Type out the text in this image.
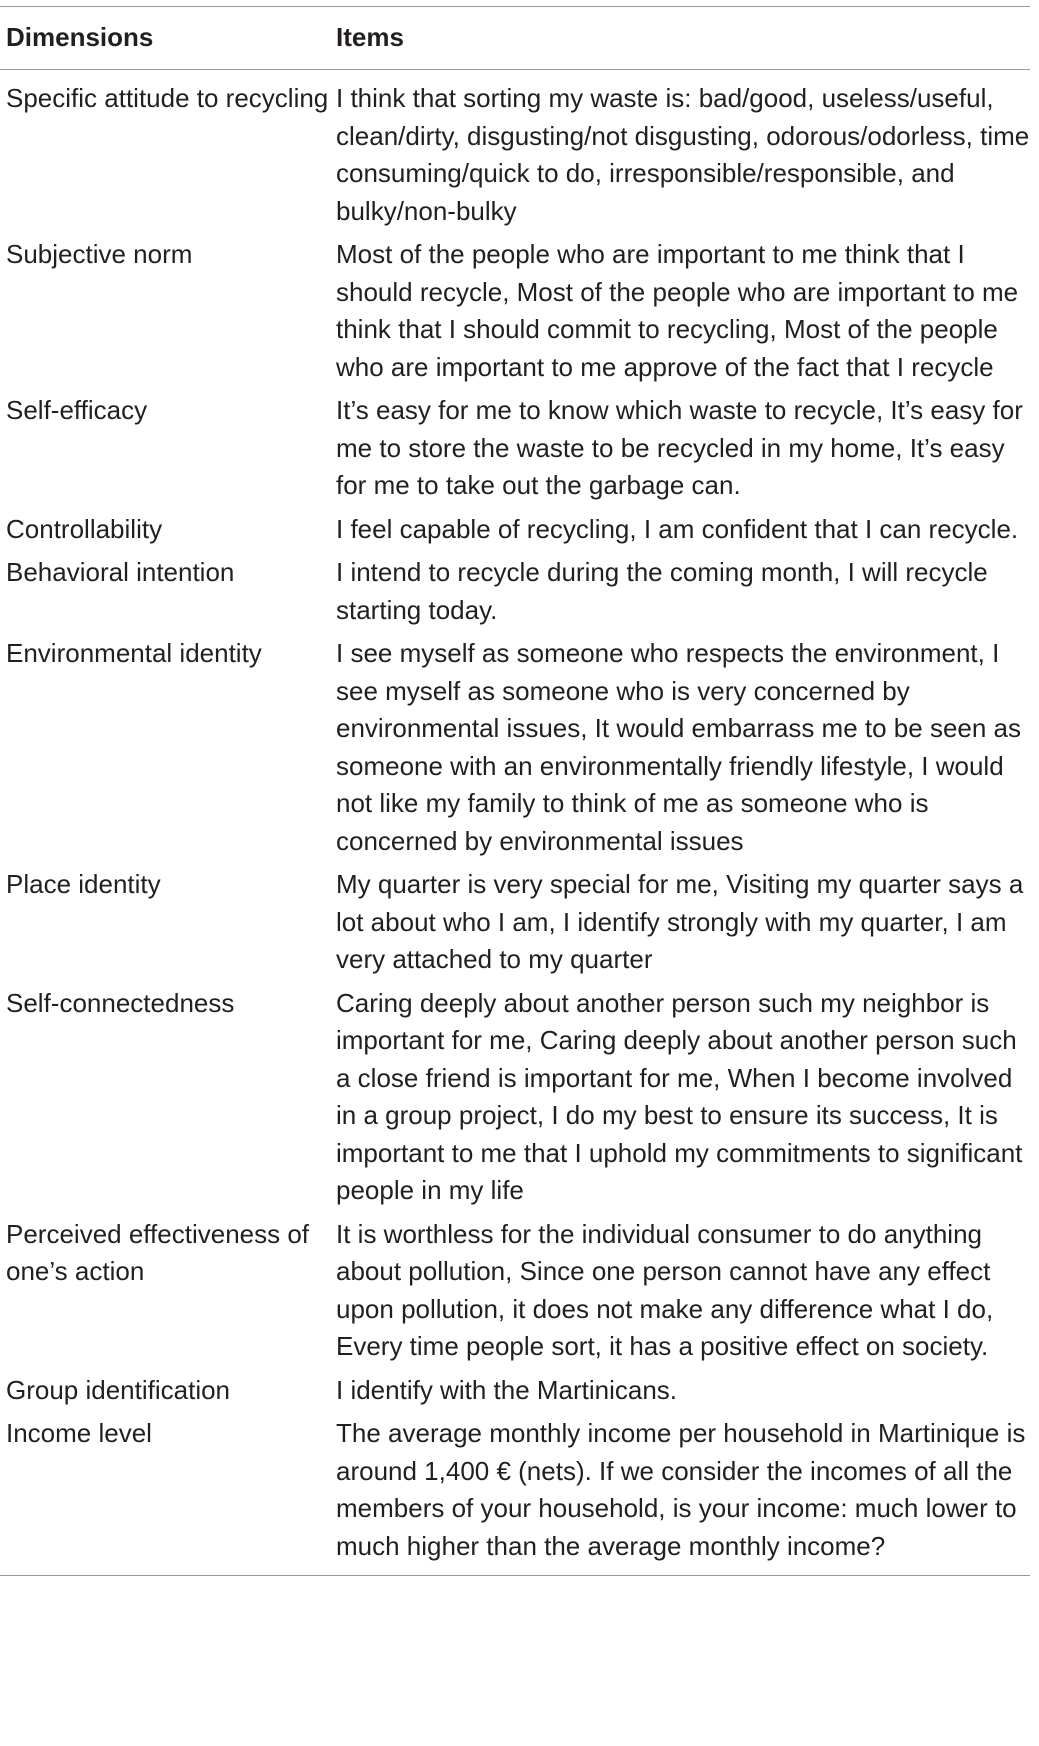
Dimensions	Items
Specific attitude to recycling	I think that sorting my waste is: bad/good, useless/useful, clean/dirty, disgusting/not disgusting, odorous/odorless, time consuming/quick to do, irresponsible/responsible, and bulky/non-bulky
Subjective norm	Most of the people who are important to me think that I should recycle, Most of the people who are important to me think that I should commit to recycling, Most of the people who are important to me approve of the fact that I recycle
Self-efficacy	It’s easy for me to know which waste to recycle, It’s easy for me to store the waste to be recycled in my home, It’s easy for me to take out the garbage can.
Controllability	I feel capable of recycling, I am confident that I can recycle.
Behavioral intention	I intend to recycle during the coming month, I will recycle starting today.
Environmental identity	I see myself as someone who respects the environment, I see myself as someone who is very concerned by environmental issues, It would embarrass me to be seen as someone with an environmentally friendly lifestyle, I would not like my family to think of me as someone who is concerned by environmental issues
Place identity	My quarter is very special for me, Visiting my quarter says a lot about who I am, I identify strongly with my quarter, I am very attached to my quarter
Self-connectedness	Caring deeply about another person such my neighbor is important for me, Caring deeply about another person such a close friend is important for me, When I become involved in a group project, I do my best to ensure its success, It is important to me that I uphold my commitments to significant people in my life
Perceived effectiveness of one’s action	It is worthless for the individual consumer to do anything about pollution, Since one person cannot have any effect upon pollution, it does not make any difference what I do, Every time people sort, it has a positive effect on society.
Group identification	I identify with the Martinicans.
Income level	The average monthly income per household in Martinique is around 1,400 € (nets). If we consider the incomes of all the members of your household, is your income: much lower to much higher than the average monthly income?
